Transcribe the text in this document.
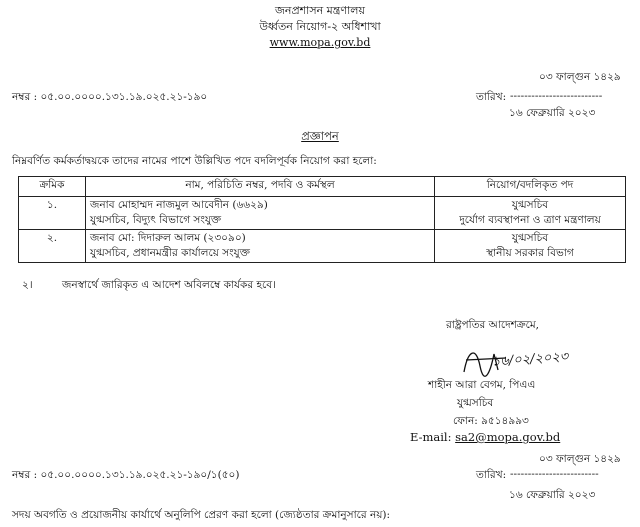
জনপ্রশাসন মন্ত্রণালয়
উর্ধ্বতন নিয়োগ-২ অধিশাখা
www.mopa.gov.bd
০৩ ফাল্গুন ১৪২৯
নম্বর : ০৫.০০.০০০০.১৩১.১৯.০২৫.২১-১৯০	তারিখ: --------------------------
১৬ ফেব্রুয়ারি ২০২৩
প্রজ্ঞাপন
নিম্নবর্ণিত কর্মকর্তাদ্বয়কে তাদের নামের পাশে উল্লিখিত পদে বদলিপূর্বক নিয়োগ করা হলো:
ক্রমিক	নাম, পরিচিতি নম্বর, পদবি ও কর্মস্থল	নিয়োগ/বদলিকৃত পদ
১.	জনাব মোহাম্মদ নাজমুল আবেদীন (৬৬২৯)
যুগ্মসচিব, বিদ্যুৎ বিভাগে সংযুক্ত	যুগ্মসচিব
দুর্যোগ ব্যবস্থাপনা ও ত্রাণ মন্ত্রণালয়

২.	জনাব মো: দিদারুল আলম (২৩০৯০)
যুগ্মসচিব, প্রধানমন্ত্রীর কার্যালয়ে সংযুক্ত	যুগ্মসচিব
স্থানীয় সরকার বিভাগ
২।	জনস্বার্থে জারিকৃত এ আদেশ অবিলম্বে কার্যকর হবে।
রাষ্ট্রপতির আদেশক্রমে,
১৬/০২/২০২৩
শাহীন আরা বেগম, পিএএ
যুগ্মসচিব
ফোন: ৯৫১৪৯৯৩
E-mail: sa2@mopa.gov.bd
০৩ ফাল্গুন ১৪২৯
নম্বর : ০৫.০০.০০০০.১৩১.১৯.০২৫.২১-১৯০/১(৫০)	তারিখ: -------------------------
১৬ ফেব্রুয়ারি ২০২৩
সদয় অবগতি ও প্রয়োজনীয় কার্যার্থে অনুলিপি প্রেরণ করা হলো (জ্যেষ্ঠতার ক্রমানুসারে নয়):
